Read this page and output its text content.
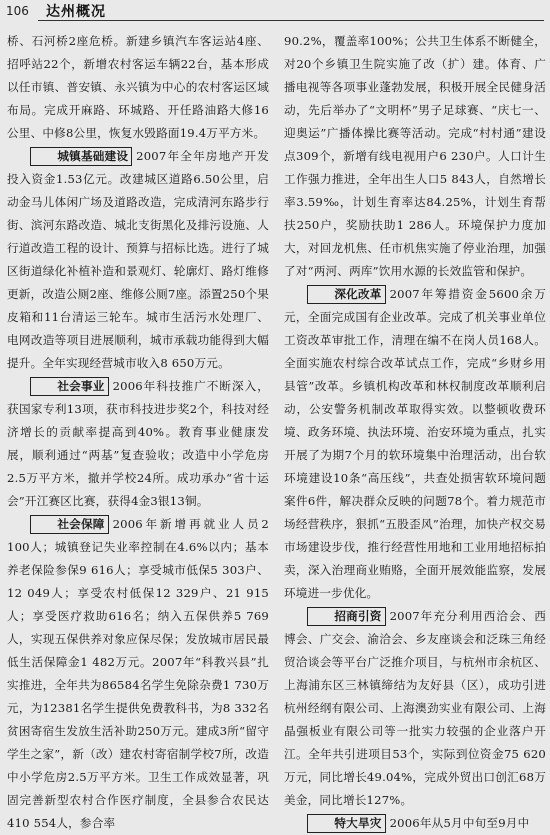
106 达州概况

桥、石河桥2座危桥。新建乡镇汽车客运站4座、招呼站22个，新增农村客运车辆22台，基本形成以任市镇、普安镇、永兴镇为中心的农村客运区域布局。完成开麻路、环城路、开任路油路大修16公里、中修8公里，恢复水毁路面19.4万平方米。

城镇基础建设 2007年全年房地产开发投入资金1.53亿元。改建城区道路6.50公里，启动金马儿体闲广场及道路改造，完成清河东路步行街、滨河东路改造、城北支街黑化及排污设施、人行道改造工程的设计、预算与招标比选。进行了城区街道绿化补植补造和景观灯、轮廓灯、路灯维修更新，改造公厕2座、维修公厕7座。添置250个果皮箱和11台清运三轮车。城市生活污水处理厂、电网改造等项目进展顺利，城市承载功能得到大幅提升。全年实现经营城市收入8 650万元。

社会事业 2006年科技推广不断深入，获国家专利13项，获市科技进步奖2个，科技对经济增长的贡献率提高到40%。教育事业健康发展，顺利通过“两基”复查验收；改造中小学危房2.5万平方米，撤并学校24所。成功承办“省十运会”开江赛区比赛，获得4金3银13铜。

社会保障 2006年新增再就业人员2 100人；城镇登记失业率控制在4.6%以内；基本养老保险参保9 616人；享受城市低保5 303户、12 049人；享受农村低保12 329户、21 915人；享受医疗救助616名；纳入五保供养5 769人，实现五保供养对象应保尽保；发放城市居民最低生活保障金1 482万元。2007年“科教兴县”扎实推进，全年共为86584名学生免除杂费1 730万元，为12381名学生提供免费教科书，为8 332名贫困寄宿生发放生活补助250万元。建成3所“留守学生之家”，新（改）建农村寄宿制学校7所，改造中小学危房2.5万平方米。卫生工作成效显著，巩固完善新型农村合作医疗制度，全县参合农民达410 554人，参合率

90.2%，覆盖率100%；公共卫生体系不断健全，对20个乡镇卫生院实施了改（扩）建。体育、广播电视等各项事业蓬勃发展，积极开展全民健身活动，先后举办了“文明杯”男子足球赛、“庆七一、迎奥运”广播体操比赛等活动。完成“村村通”建设点309个，新增有线电视用户6 230户。人口计生工作强力推进，全年出生人口5 843人，自然增长率3.59‰，计划生育率达84.25%，计划生育帮扶250户，奖励扶助1 286人。环境保护力度加大，对回龙机焦、任市机焦实施了停业治理，加强了对“两河、两库”饮用水源的长效监管和保护。

深化改革 2007年筹措资金5600余万元，全面完成国有企业改革。完成了机关事业单位工资改革审批工作，清理在编不在岗人员168人。全面实施农村综合改革试点工作，完成“乡财乡用县管”改革。乡镇机构改革和林权制度改革顺利启动，公安警务机制改革取得实效。以整顿收费环境、政务环境、执法环境、治安环境为重点，扎实开展了为期7个月的软环境集中治理活动，出台软环境建设10条“高压线”，共查处损害软环境问题案件6件，解决群众反映的问题78个。着力规范市场经营秩序，狠抓“五股歪风”治理，加快产权交易市场建设步伐，推行经营性用地和工业用地招标拍卖，深入治理商业贿赂，全面开展效能监察，发展环境进一步优化。

招商引资 2007年充分利用西洽会、西博会、广交会、渝洽会、乡友座谈会和泛珠三角经贸洽谈会等平台广泛推介项目，与杭州市余杭区、上海浦东区三林镇缔结为友好县（区），成功引进杭州经纲有限公司、上海澳劲实业有限公司、上海晶强板业有限公司等一批实力较强的企业落户开江。全年共引进项目53个，实际到位资金75 620万元，同比增长49.04%，完成外贸出口创汇68万美金，同比增长127%。

特大旱灾 2006年从5月中旬至9月中
